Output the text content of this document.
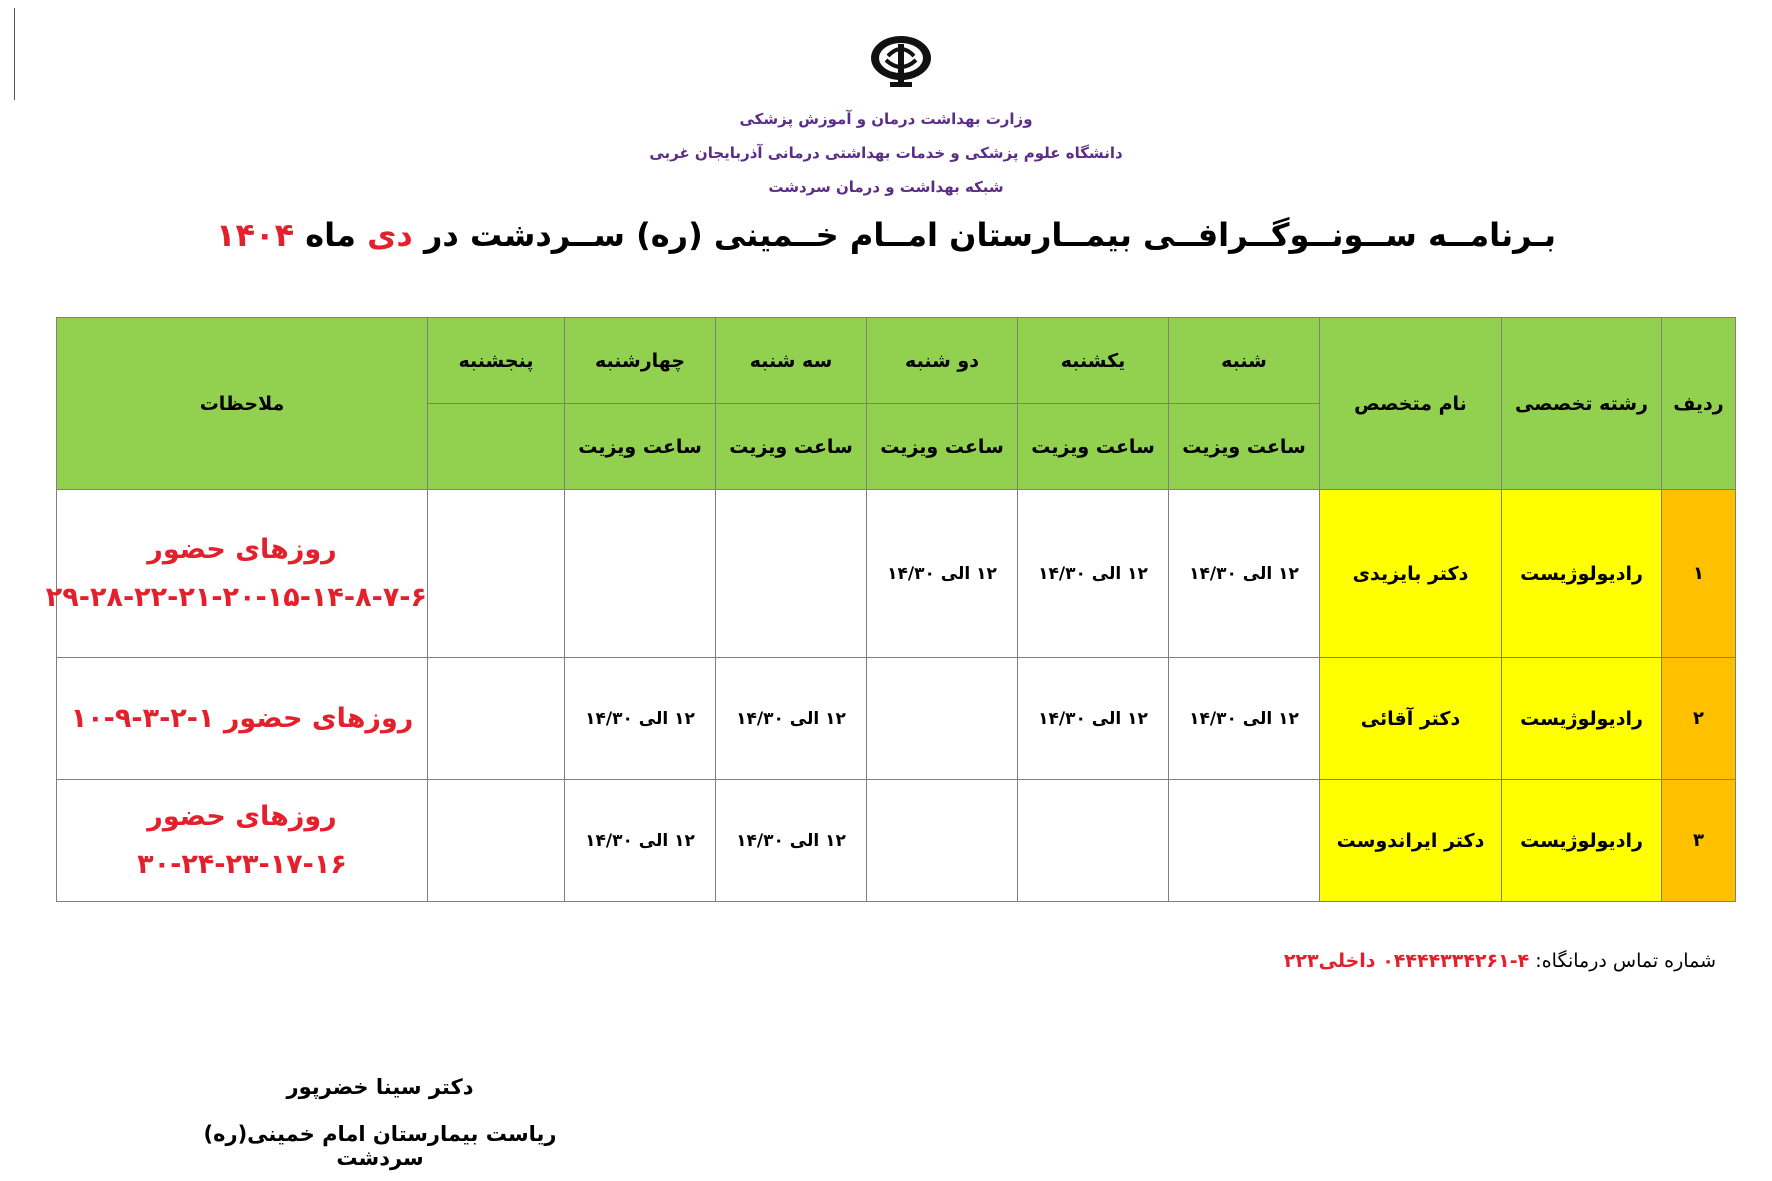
وزارت بهداشت درمان و آموزش پزشکی
دانشگاه علوم پزشکی و خدمات بهداشتی درمانی آذربایجان غربی
شبکه بهداشت و درمان سردشت
بـرنامــه ســونــوگــرافــی بیمــارستان امــام خــمینی (ره) ســردشت در دی ماه ۱۴۰۴
ردیف	رشته تخصصی	نام متخصص	شنبه	یکشنبه	دو شنبه	سه شنبه	چهارشنبه	پنجشنبه	ملاحظات
			ساعت ویزیت	ساعت ویزیت	ساعت ویزیت	ساعت ویزیت	ساعت ویزیت		
۱	رادیولوژیست	دکتر بایزیدی	۱۲ الی ۱۴/۳۰	۱۲ الی ۱۴/۳۰	۱۲ الی ۱۴/۳۰				روزهای حضور ۶-۷-۸-۱۴-۱۵-۲۰-۲۱-۲۲-۲۸-۲۹
۲	رادیولوژیست	دکتر آقائی	۱۲ الی ۱۴/۳۰	۱۲ الی ۱۴/۳۰		۱۲ الی ۱۴/۳۰	۱۲ الی ۱۴/۳۰		روزهای حضور ۱-۲-۳-۹-۱۰
۳	رادیولوژیست	دکتر ایراندوست				۱۲ الی ۱۴/۳۰	۱۲ الی ۱۴/۳۰		روزهای حضور ۱۶-۱۷-۲۳-۲۴-۳۰
شماره تماس درمانگاه: ۴-۰۴۴۴۴۳۳۴۲۶۱ داخلی۲۲۳
دکتر سینا خضرپور
ریاست بیمارستان امام خمینی(ره) سردشت
